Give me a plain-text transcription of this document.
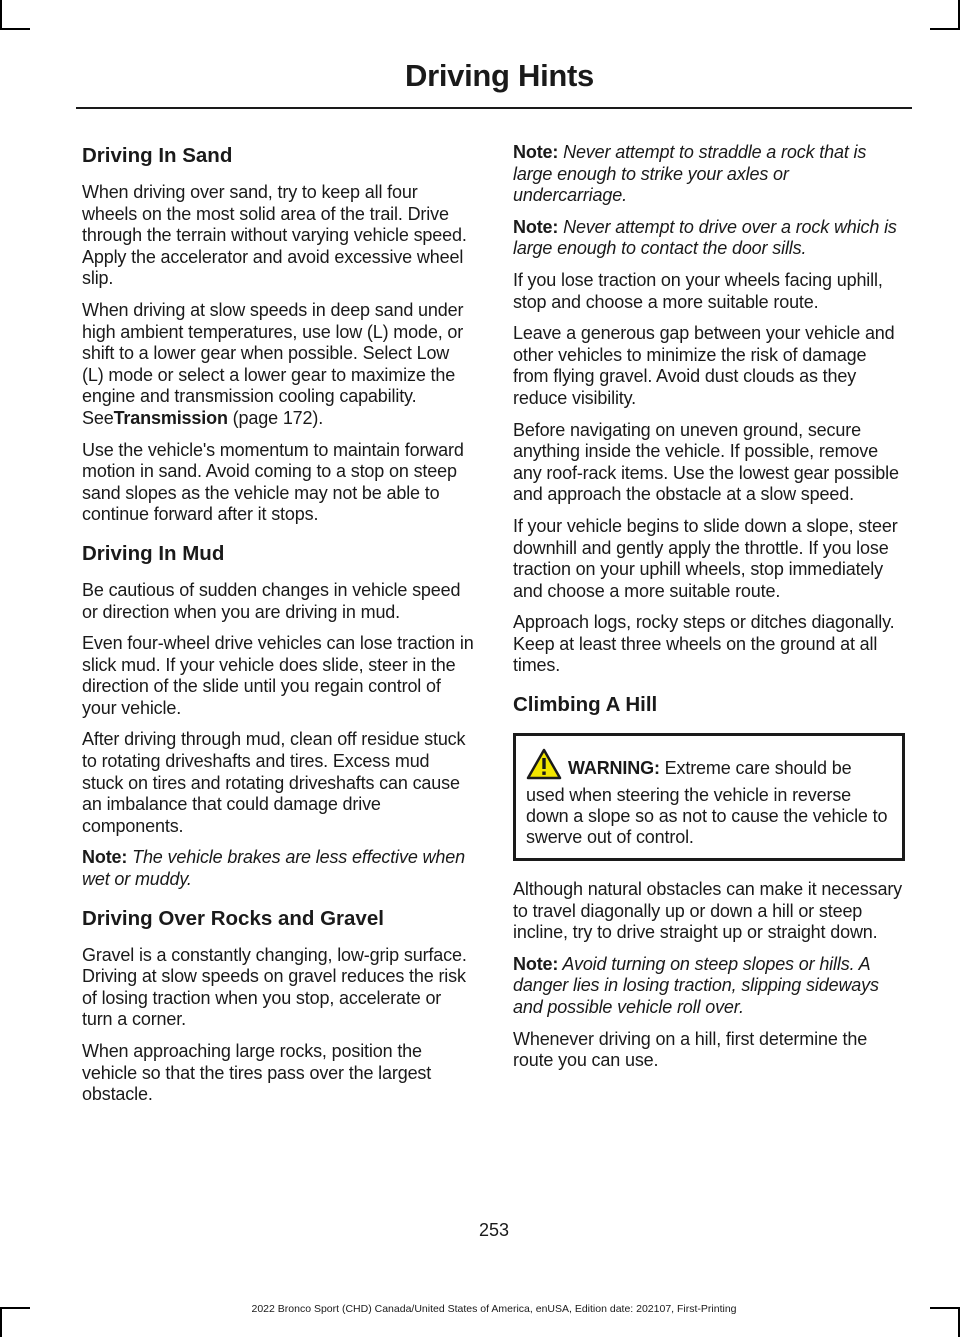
Driving Hints
Driving In Sand

When driving over sand, try to keep all four wheels on the most solid area of the trail. Drive through the terrain without varying vehicle speed. Apply the accelerator and avoid excessive wheel slip.

When driving at slow speeds in deep sand under high ambient temperatures, use low (L) mode, or shift to a lower gear when possible. Select Low (L) mode or select a lower gear to maximize the engine and transmission cooling capability. SeeTransmission (page 172).

Use the vehicle's momentum to maintain forward motion in sand. Avoid coming to a stop on steep sand slopes as the vehicle may not be able to continue forward after it stops.

Driving In Mud

Be cautious of sudden changes in vehicle speed or direction when you are driving in mud.

Even four-wheel drive vehicles can lose traction in slick mud. If your vehicle does slide, steer in the direction of the slide until you regain control of your vehicle.

After driving through mud, clean off residue stuck to rotating driveshafts and tires. Excess mud stuck on tires and rotating driveshafts can cause an imbalance that could damage drive components.

Note: The vehicle brakes are less effective when wet or muddy.

Driving Over Rocks and Gravel

Gravel is a constantly changing, low-grip surface. Driving at slow speeds on gravel reduces the risk of losing traction when you stop, accelerate or turn a corner.

When approaching large rocks, position the vehicle so that the tires pass over the largest obstacle.

Note: Never attempt to straddle a rock that is large enough to strike your axles or undercarriage.

Note: Never attempt to drive over a rock which is large enough to contact the door sills.

If you lose traction on your wheels facing uphill, stop and choose a more suitable route.

Leave a generous gap between your vehicle and other vehicles to minimize the risk of damage from flying gravel. Avoid dust clouds as they reduce visibility.

Before navigating on uneven ground, secure anything inside the vehicle. If possible, remove any roof-rack items. Use the lowest gear possible and approach the obstacle at a slow speed.

If your vehicle begins to slide down a slope, steer downhill and gently apply the throttle. If you lose traction on your uphill wheels, stop immediately and choose a more suitable route.

Approach logs, rocky steps or ditches diagonally. Keep at least three wheels on the ground at all times.

Climbing A Hill

WARNING: Extreme care should be used when steering the vehicle in reverse down a slope so as not to cause the vehicle to swerve out of control.

Although natural obstacles can make it necessary to travel diagonally up or down a hill or steep incline, try to drive straight up or straight down.

Note: Avoid turning on steep slopes or hills. A danger lies in losing traction, slipping sideways and possible vehicle roll over.

Whenever driving on a hill, first determine the route you can use.

253
2022 Bronco Sport (CHD) Canada/United States of America, enUSA, Edition date: 202107, First-Printing
